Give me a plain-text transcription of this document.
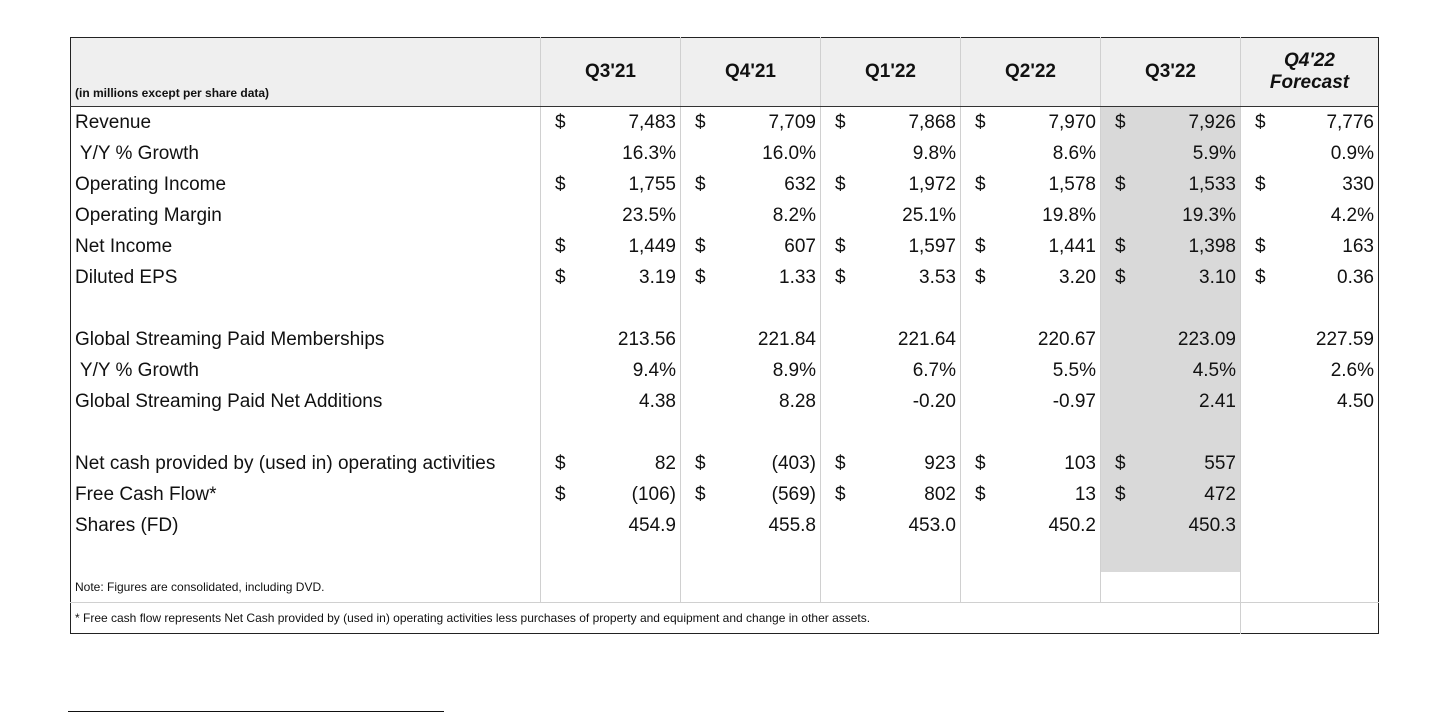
(in millions except per share data)	Q3'21	Q4'21	Q1'22	Q2'22	Q3'22	Q4'22
Forecast

Revenue	$ 7,483	$ 7,709	$ 7,868	$ 7,970	$ 7,926	$ 7,776

Y/Y % Growth	16.3%	16.0%	9.8%	8.6%	5.9%	0.9%

Operating Income	$ 1,755	$ 632	$ 1,972	$ 1,578	$ 1,533	$ 330

Operating Margin	23.5%	8.2%	25.1%	19.8%	19.3%	4.2%

Net Income	$ 1,449	$ 607	$ 1,597	$ 1,441	$ 1,398	$ 163

Diluted EPS	$ 3.19	$ 1.33	$ 3.53	$ 3.20	$ 3.10	$ 0.36

Global Streaming Paid Memberships	213.56	221.84	221.64	220.67	223.09	227.59

Y/Y % Growth	9.4%	8.9%	6.7%	5.5%	4.5%	2.6%

Global Streaming Paid Net Additions	4.38	8.28	-0.20	-0.97	2.41	4.50

Net cash provided by (used in) operating activities	$ 82	$ (403)	$ 923	$ 103	$ 557	

Free Cash Flow*	$ (106)	$ (569)	$ 802	$ 13	$ 472	

Shares (FD)	454.9	455.8	453.0	450.2	450.3	

Note: Figures are consolidated, including DVD.						
* Free cash flow represents Net Cash provided by (used in) operating activities less purchases of property and equipment and change in other assets.						
